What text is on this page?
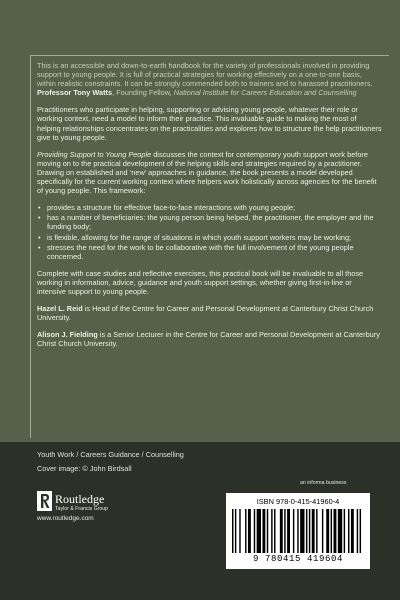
This is an accessible and down-to-earth handbook for the variety of professionals involved in providing support to young people. It is full of practical strategies for working effectively on a one-to-one basis, within realistic constraints. It can be strongly commended both to trainers and to harassed practitioners.
Professor Tony Watts, Founding Fellow, National Institute for Careers Education and Counselling

Practitioners who participate in helping, supporting or advising young people, whatever their role or working context, need a model to inform their practice. This invaluable guide to making the most of helping relationships concentrates on the practicalities and explores how to structure the help practitioners give to young people.

Providing Support to Young People discusses the context for contemporary youth support work before moving on to the practical development of the helping skills and strategies required by a practitioner. Drawing on established and ‘new’ approaches in guidance, the book presents a model developed specifically for the current working context where helpers work holistically across agencies for the benefit of young people. This framework:

• provides a structure for effective face-to-face interactions with young people;
• has a number of beneficiaries: the young person being helped, the practitioner, the employer and the funding body;
• is flexible, allowing for the range of situations in which youth support workers may be working;
• stresses the need for the work to be collaborative with the full involvement of the young people concerned.

Complete with case studies and reflective exercises, this practical book will be invaluable to all those working in information, advice, guidance and youth support settings, whether giving first-in-line or intensive support to young people.

Hazel L. Reid is Head of the Centre for Career and Personal Development at Canterbury Christ Church University.

Alison J. Fielding is a Senior Lecturer in the Centre for Career and Personal Development at Canterbury Christ Church University.

Youth Work / Careers Guidance / Counselling
Cover image: © John Birdsall
an informa business
Routledge
Taylor & Francis Group
www.routledge.com
ISBN 978-0-415-41960-4
9 780415 419604
